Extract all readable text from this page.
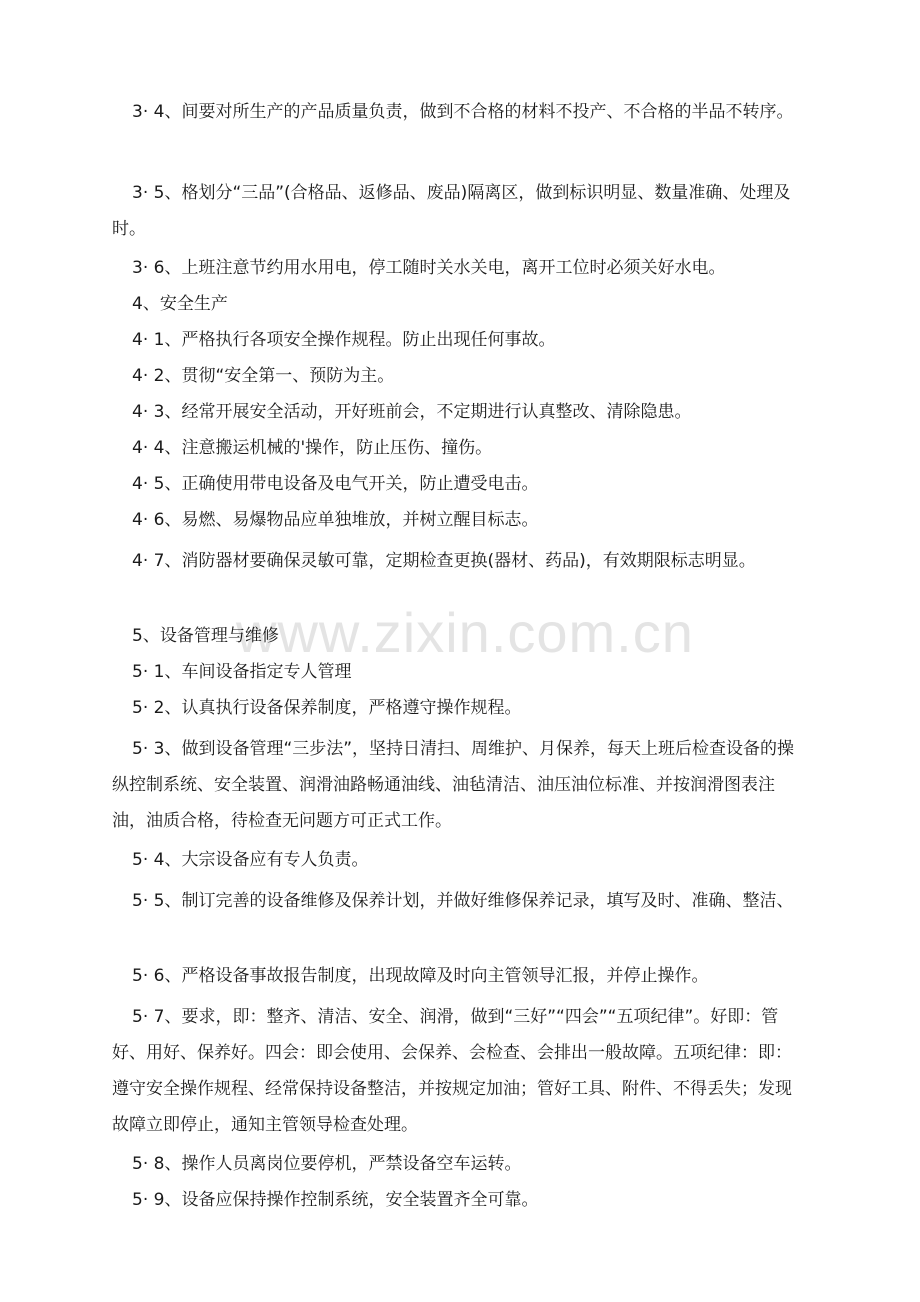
www.zixin.com.cn

3· 4、间要对所生产的产品质量负责，做到不合格的材料不投产、不合格的半品不转序。

3· 5、格划分“三品”(合格品、返修品、废品)隔离区，做到标识明显、数量准确、处理及时。

3· 6、上班注意节约用水用电，停工随时关水关电，离开工位时必须关好水电。

4、安全生产

4· 1、严格执行各项安全操作规程。防止出现任何事故。

4· 2、贯彻“安全第一、预防为主。

4· 3、经常开展安全活动，开好班前会，不定期进行认真整改、清除隐患。

4· 4、注意搬运机械的'操作，防止压伤、撞伤。

4· 5、正确使用带电设备及电气开关，防止遭受电击。

4· 6、易燃、易爆物品应单独堆放，并树立醒目标志。

4· 7、消防器材要确保灵敏可靠，定期检查更换(器材、药品)，有效期限标志明显。

5、设备管理与维修

5· 1、车间设备指定专人管理

5· 2、认真执行设备保养制度，严格遵守操作规程。

5· 3、做到设备管理“三步法”，坚持日清扫、周维护、月保养，每天上班后检查设备的操纵控制系统、安全装置、润滑油路畅通油线、油毡清洁、油压油位标准、并按润滑图表注油，油质合格，待检查无问题方可正式工作。

5· 4、大宗设备应有专人负责。

5· 5、制订完善的设备维修及保养计划，并做好维修保养记录，填写及时、准确、整洁、

5· 6、严格设备事故报告制度，出现故障及时向主管领导汇报，并停止操作。

5· 7、要求，即：整齐、清洁、安全、润滑，做到“三好”“四会”“五项纪律”。好即：管好、用好、保养好。四会：即会使用、会保养、会检查、会排出一般故障。五项纪律：即：遵守安全操作规程、经常保持设备整洁，并按规定加油；管好工具、附件、不得丢失；发现故障立即停止，通知主管领导检查处理。

5· 8、操作人员离岗位要停机，严禁设备空车运转。

5· 9、设备应保持操作控制系统，安全装置齐全可靠。
